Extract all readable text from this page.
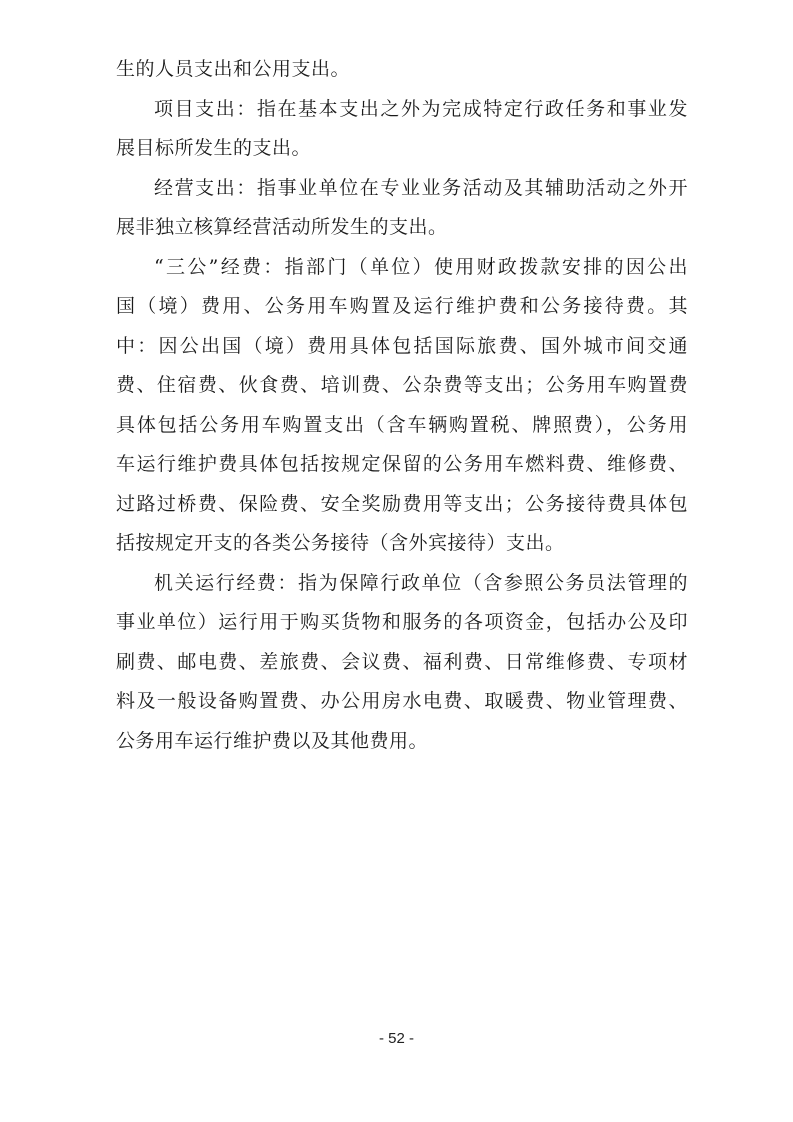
生的人员支出和公用支出。
项目支出：指在基本支出之外为完成特定行政任务和事业发
展目标所发生的支出。
经营支出：指事业单位在专业业务活动及其辅助活动之外开
展非独立核算经营活动所发生的支出。
“三公”经费：指部门（单位）使用财政拨款安排的因公出
国（境）费用、公务用车购置及运行维护费和公务接待费。其
中：因公出国（境）费用具体包括国际旅费、国外城市间交通
费、住宿费、伙食费、培训费、公杂费等支出；公务用车购置费
具体包括公务用车购置支出（含车辆购置税、牌照费），公务用
车运行维护费具体包括按规定保留的公务用车燃料费、维修费、
过路过桥费、保险费、安全奖励费用等支出；公务接待费具体包
括按规定开支的各类公务接待（含外宾接待）支出。
机关运行经费：指为保障行政单位（含参照公务员法管理的
事业单位）运行用于购买货物和服务的各项资金，包括办公及印
刷费、邮电费、差旅费、会议费、福利费、日常维修费、专项材
料及一般设备购置费、办公用房水电费、取暖费、物业管理费、
公务用车运行维护费以及其他费用。
- 52 -
